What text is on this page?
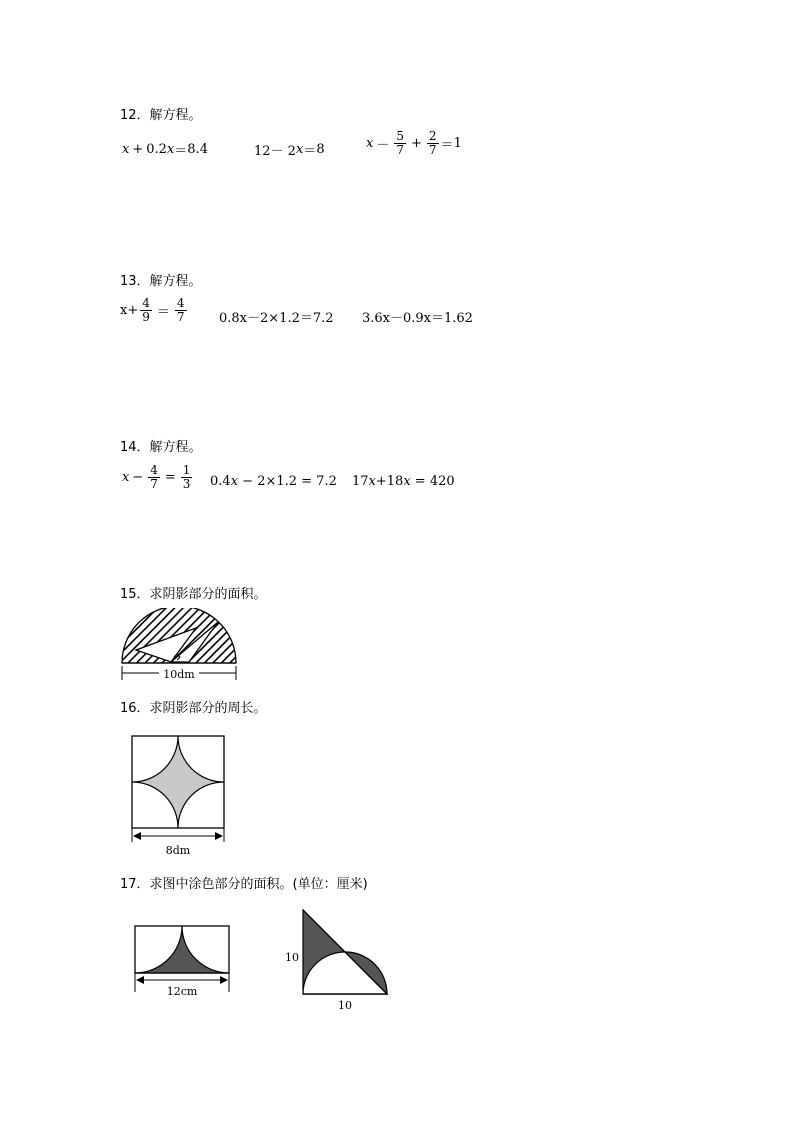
12．解方程。
x + 0.2 x ＝ 8.4	12－ 2 x ＝ 8	$x - \frac{5}{7} + \frac{2}{7} = 1$
13．解方程。
$x+ \frac{4}{9} = \frac{4}{7} 0.8x-2\times 1.2=7.2$ 3.6x－0.9x＝1.62
14．解方程。
$x - \frac{4}{7} = \frac{1}{3} 0.4$ x − 2×1.2 = 7.2 17 x +18 x = 420
15．求阴影部分的面积。
10dm
16．求阴影部分的周长。
8dm
17．求图中涂色部分的面积。(单位：厘米)
12cm
10
10
